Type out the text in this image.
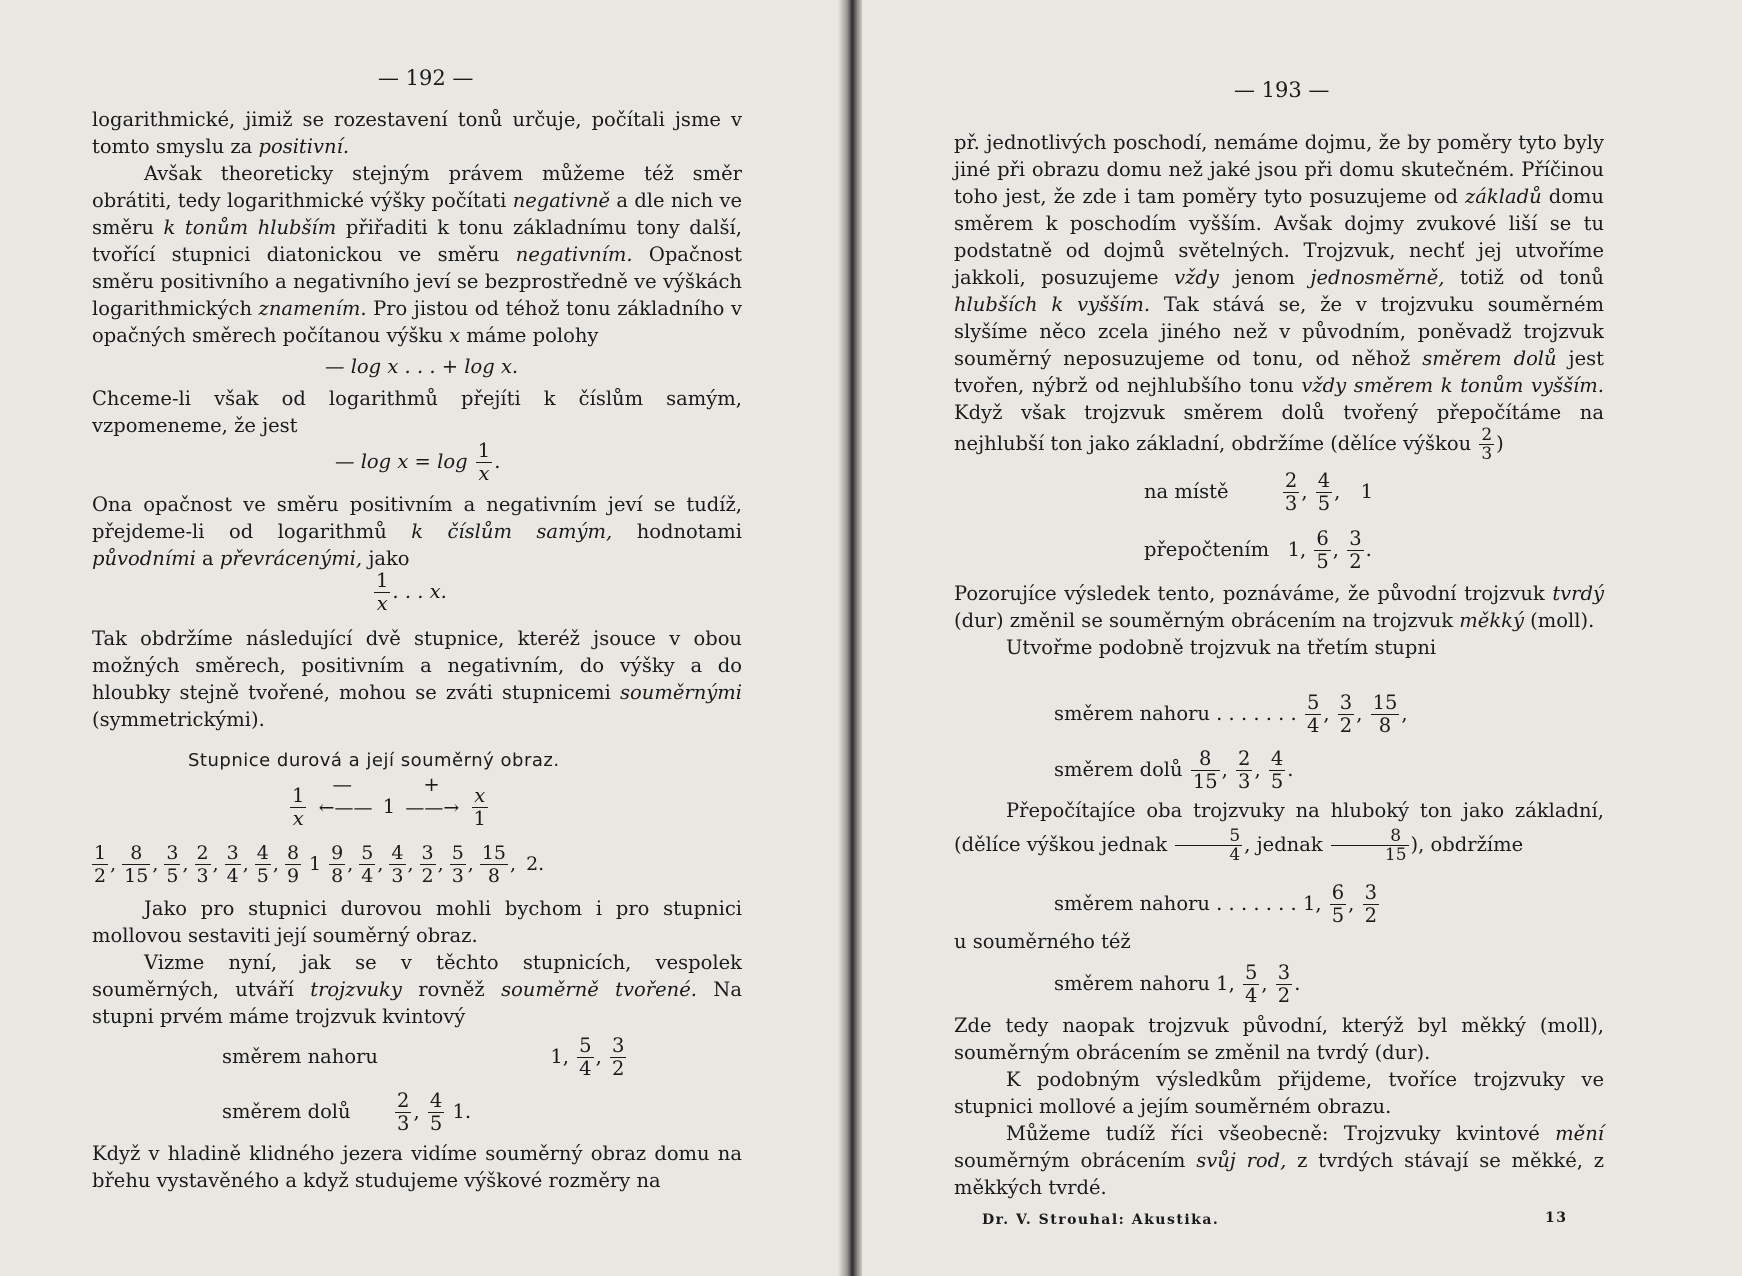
— 192 —

logarithmické, jimiž se rozestavení tonů určuje, počítali jsme v tomto smyslu za positivní.

Avšak theoreticky stejným právem můžeme též směr obrátiti, tedy logarithmické výšky počítati negativně a dle nich ve směru k tonům hlubším přiřaditi k tonu základnímu tony další, tvořící stupnici diatonickou ve směru negativním. Opačnost směru positivního a negativního jeví se bezprostředně ve výškách logarithmických znamením. Pro jistou od téhož tonu základního v opačných směrech počítanou výšku x máme polohy

— log x . . . + log x.
Chceme-li však od logarithmů přejíti k číslům samým, vzpomeneme, že jest
— $\log x = \log \frac{1}{x}$ .

Ona opačnost ve směru positivním a negativním jeví se tudíž, přejdeme-li od logarithmů k číslům samým, hodnotami původními a převrácenými, jako

$\frac{1}{x}$ . . . x.

Tak obdržíme následující dvě stupnice, kteréž jsouce v obou možných směrech, positivním a negativním, do výšky a do hloubky stejně tvořené, mohou se zváti stupnicemi souměrnými (symmetrickými).

Stupnice durová a její souměrný obraz.
$\frac{1}{x}$ ←——
—
1
+
——→ $\frac{x}{1}$
$\frac{1}{2}$ , $\frac{8}{15}$ , $\frac{3}{5}$ , $\frac{2}{3}$ , $\frac{3}{4}$ , $\frac{4}{5}$ , $\frac{8}{9} 1 \frac{9}{8}$ , $\frac{5}{4}$ , $\frac{4}{3}$ , $\frac{3}{2}$ , $\frac{5}{3}$ , $\frac{15}{8}$ , 2.

Jako pro stupnici durovou mohli bychom i pro stupnici mollovou sestaviti její souměrný obraz.

Vizme nyní, jak se v těchto stupnicích, vespolek souměrných, utváří trojzvuky rovněž souměrně tvořené. Na stupni prvém máme trojzvuk kvintový

směrem nahoru	1, $\frac{5}{4}$ , $\frac{3}{2}$
směrem dolů $\frac{2}{3}$ , $\frac{4}{5} 1$.
Když v hladině klidného jezera vidíme souměrný obraz domu na břehu vystavěného a když studujeme výškové rozměry na
— 193 —

př. jednotlivých poschodí, nemáme dojmu, že by poměry tyto byly jiné při obrazu domu než jaké jsou při domu skutečném. Příčinou toho jest, že zde i tam poměry tyto posuzujeme od základů domu směrem k poschodím vyšším. Avšak dojmy zvukové liší se tu podstatně od dojmů světelných. Trojzvuk, nechť jej utvoříme jakkoli, posuzujeme vždy jenom jednosměrně, totiž od tonů hlubších k vyšším. Tak stává se, že v trojzvuku souměrném slyšíme něco zcela jiného než v původním, poněvadž trojzvuk souměrný neposuzujeme od tonu, od něhož směrem dolů jest tvořen, nýbrž od nejhlubšího tonu vždy směrem k tonům vyšším. Když však trojzvuk směrem dolů tvořený přepočítáme na nejhlubší ton jako základní, obdržíme (dělíce výškou $\frac{2}{3}$ )

na místě	$\frac{2}{3}$ , $\frac{4}{5}$ , 1
přepočtením 1, $\frac{6}{5}$ , $\frac{3}{2}$ .

Pozorujíce výsledek tento, poznáváme, že původní trojzvuk tvrdý (dur) změnil se souměrným obrácením na trojzvuk měkký (moll).

Utvořme podobně trojzvuk na třetím stupni

směrem nahoru . . . . . . . $\frac{5}{4}$ , $\frac{3}{2}$ , $\frac{15}{8}$ ,
směrem dolů $\frac{8}{15}$ , $\frac{2}{3}$ , $\frac{4}{5}$ .

Přepočítajíce oba trojzvuky na hluboký ton jako základní, (dělíce výškou jednak $\frac{5}{4}$ , jednak $\frac{8}{15}$ ), obdržíme

směrem nahoru . . . . . . . 1, $\frac{6}{5}$ , $\frac{3}{2}$
u souměrného též
směrem nahoru 1, $\frac{5}{4}$ , $\frac{3}{2}$ .

Zde tedy naopak trojzvuk původní, kterýž byl měkký (moll), souměrným obrácením se změnil na tvrdý (dur).

K podobným výsledkům přijdeme, tvoříce trojzvuky ve stupnici mollové a jejím souměrném obrazu.

Můžeme tudíž říci všeobecně: Trojzvuky kvintové mění souměrným obrácením svůj rod, z tvrdých stávají se měkké, z měkkých tvrdé.

Dr. V. Strouhal: Akustika.	13
